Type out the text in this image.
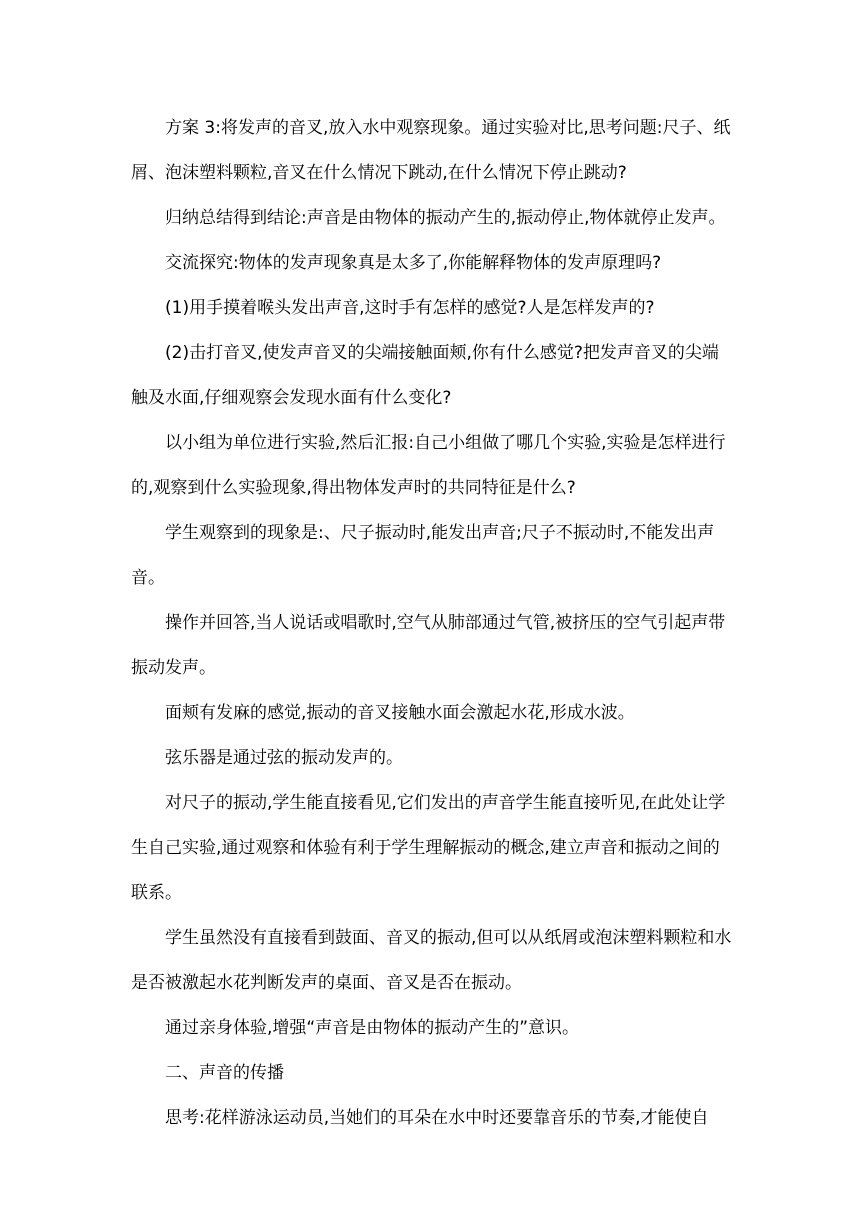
方案 3:将发声的音叉,放入水中观察现象。通过实验对比,思考问题:尺子、纸屑、泡沫塑料颗粒,音叉在什么情况下跳动,在什么情况下停止跳动?

归纳总结得到结论:声音是由物体的振动产生的,振动停止,物体就停止发声。

交流探究:物体的发声现象真是太多了,你能解释物体的发声原理吗?

(1)用手摸着喉头发出声音,这时手有怎样的感觉?人是怎样发声的?

(2)击打音叉,使发声音叉的尖端接触面颊,你有什么感觉?把发声音叉的尖端触及水面,仔细观察会发现水面有什么变化?

以小组为单位进行实验,然后汇报:自己小组做了哪几个实验,实验是怎样进行的,观察到什么实验现象,得出物体发声时的共同特征是什么?

学生观察到的现象是:、尺子振动时,能发出声音;尺子不振动时,不能发出声音。

操作并回答,当人说话或唱歌时,空气从肺部通过气管,被挤压的空气引起声带振动发声。

面颊有发麻的感觉,振动的音叉接触水面会激起水花,形成水波。

弦乐器是通过弦的振动发声的。

对尺子的振动,学生能直接看见,它们发出的声音学生能直接听见,在此处让学生自己实验,通过观察和体验有利于学生理解振动的概念,建立声音和振动之间的联系。

学生虽然没有直接看到鼓面、音叉的振动,但可以从纸屑或泡沫塑料颗粒和水是否被激起水花判断发声的桌面、音叉是否在振动。

通过亲身体验,增强“声音是由物体的振动产生的”意识。

二、声音的传播

思考:花样游泳运动员,当她们的耳朵在水中时还要靠音乐的节奏,才能使自
